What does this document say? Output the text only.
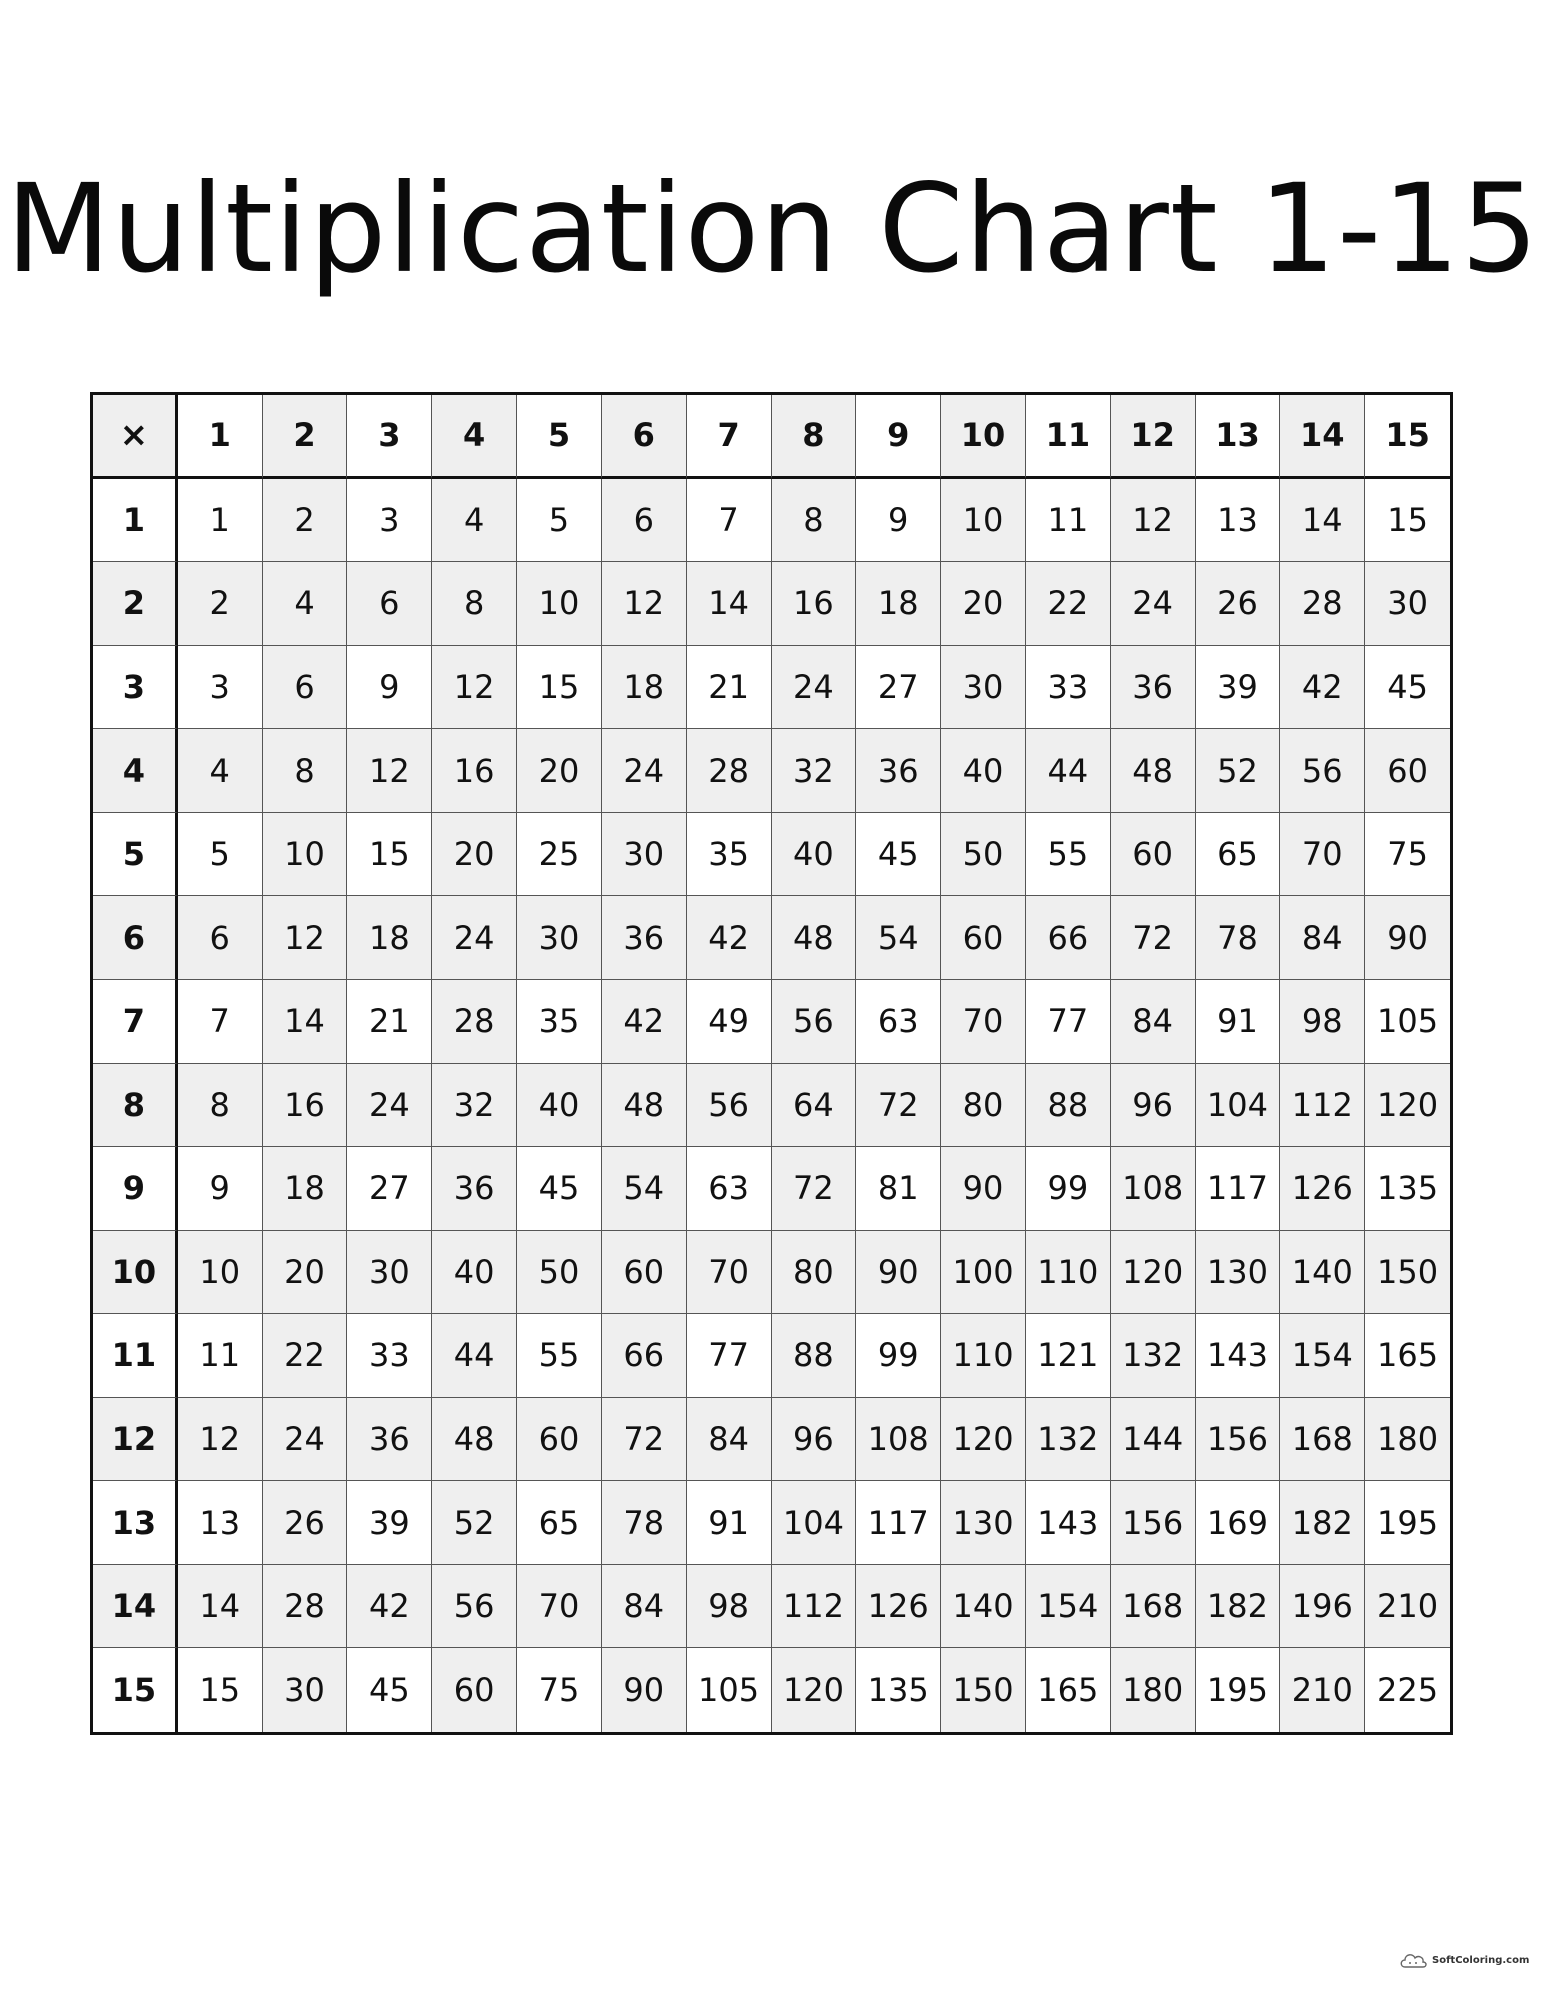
Multiplication Chart 1-15
×	1	2	3	4	5	6	7	8	9	10	11	12	13	14	15
1	1	2	3	4	5	6	7	8	9	10	11	12	13	14	15
2	2	4	6	8	10	12	14	16	18	20	22	24	26	28	30
3	3	6	9	12	15	18	21	24	27	30	33	36	39	42	45
4	4	8	12	16	20	24	28	32	36	40	44	48	52	56	60
5	5	10	15	20	25	30	35	40	45	50	55	60	65	70	75
6	6	12	18	24	30	36	42	48	54	60	66	72	78	84	90
7	7	14	21	28	35	42	49	56	63	70	77	84	91	98	105
8	8	16	24	32	40	48	56	64	72	80	88	96	104 112 120
9	9	18	27	36	45	54	63	72	81	90	99	108 117 126 135
10	10	20	30	40	50	60	70	80	90	100 110 120 130 140 150
11	11	22	33	44	55	66	77	88	99	110 121 132 143 154 165
12	12	24	36	48	60	72	84	96	108 120 132 144 156 168 180
13	13	26	39	52	65	78	91	104 117 130 143 156 169 182 195
14	14	28	42	56	70	84	98	112 126 140 154 168 182 196 210
15	15	30	45	60	75	90	105 120 135 150 165 180 195 210 225
SoftColoring.com
